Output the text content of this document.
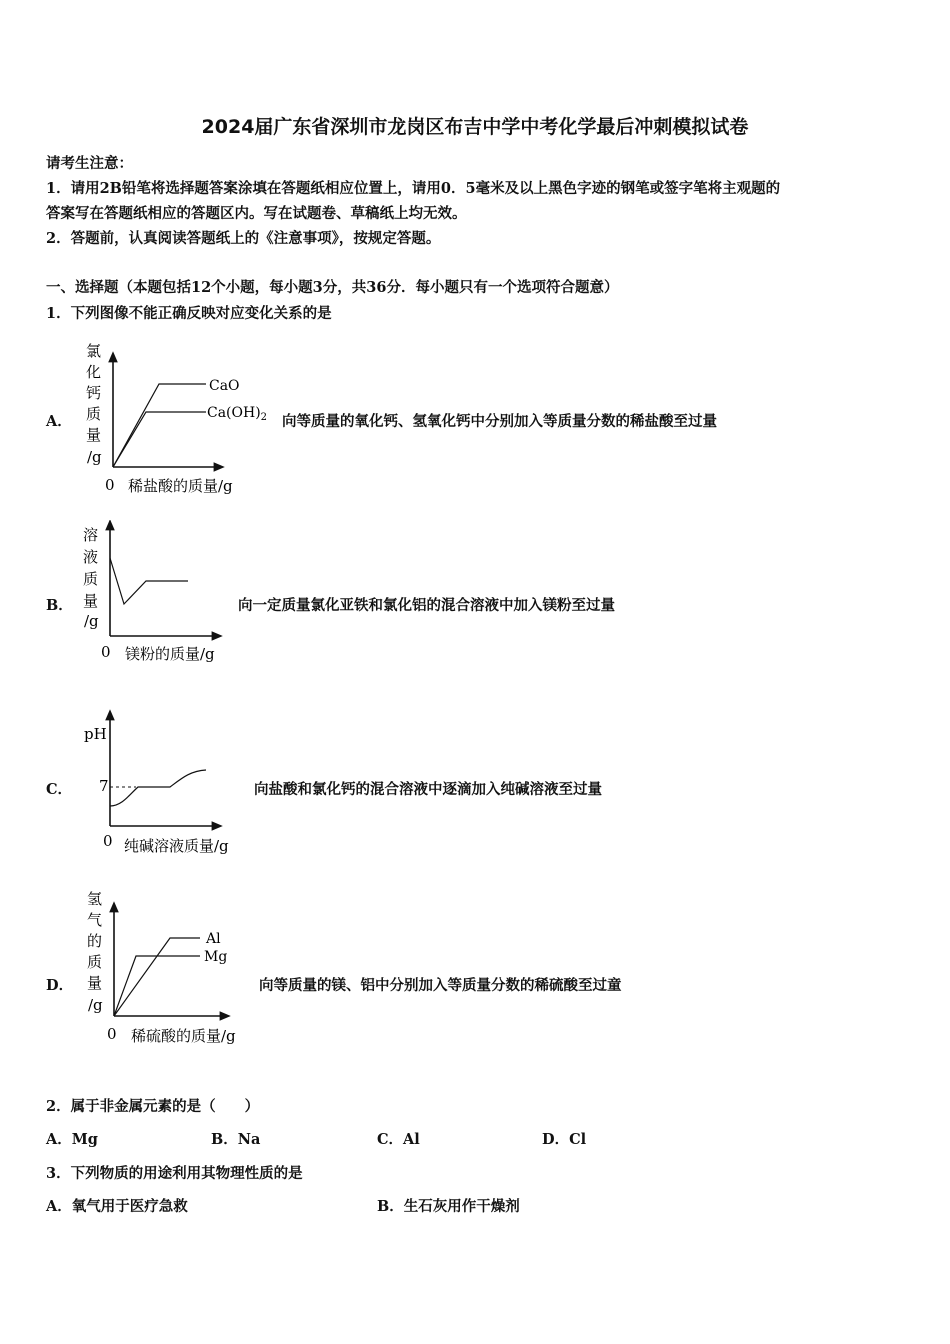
2024届广东省深圳市龙岗区布吉中学中考化学最后冲刺模拟试卷
请考生注意：
1．请用2B铅笔将选择题答案涂填在答题纸相应位置上，请用0．5毫米及以上黑色字迹的钢笔或签字笔将主观题的
答案写在答题纸相应的答题区内。写在试题卷、草稿纸上均无效。
2．答题前，认真阅读答题纸上的《注意事项》，按规定答题。
一、选择题（本题包括12个小题，每小题3分，共36分．每小题只有一个选项符合题意）
1．下列图像不能正确反映对应变化关系的是
A．
氯
化
钙
质
量
/g
CaO
$Ca(OH)_2$
0 稀盐酸的质量/g
向等质量的氧化钙、氢氧化钙中分别加入等质量分数的稀盐酸至过量
B．
溶
液
质
量
/g
0 镁粉的质量/g
向一定质量氯化亚铁和氯化铝的混合溶液中加入镁粉至过量
C．
pH
7
0 纯碱溶液质量/g
向盐酸和氯化钙的混合溶液中逐滴加入纯碱溶液至过量
D．
氢
气
的
质
量
/g
Al
Mg
0 稀硫酸的质量/g
向等质量的镁、铝中分别加入等质量分数的稀硫酸至过童
2．属于非金属元素的是（　　）
A．Mg	B．Na	C．Al	D．Cl
3．下列物质的用途利用其物理性质的是
A．氧气用于医疗急救	B．生石灰用作干燥剂
